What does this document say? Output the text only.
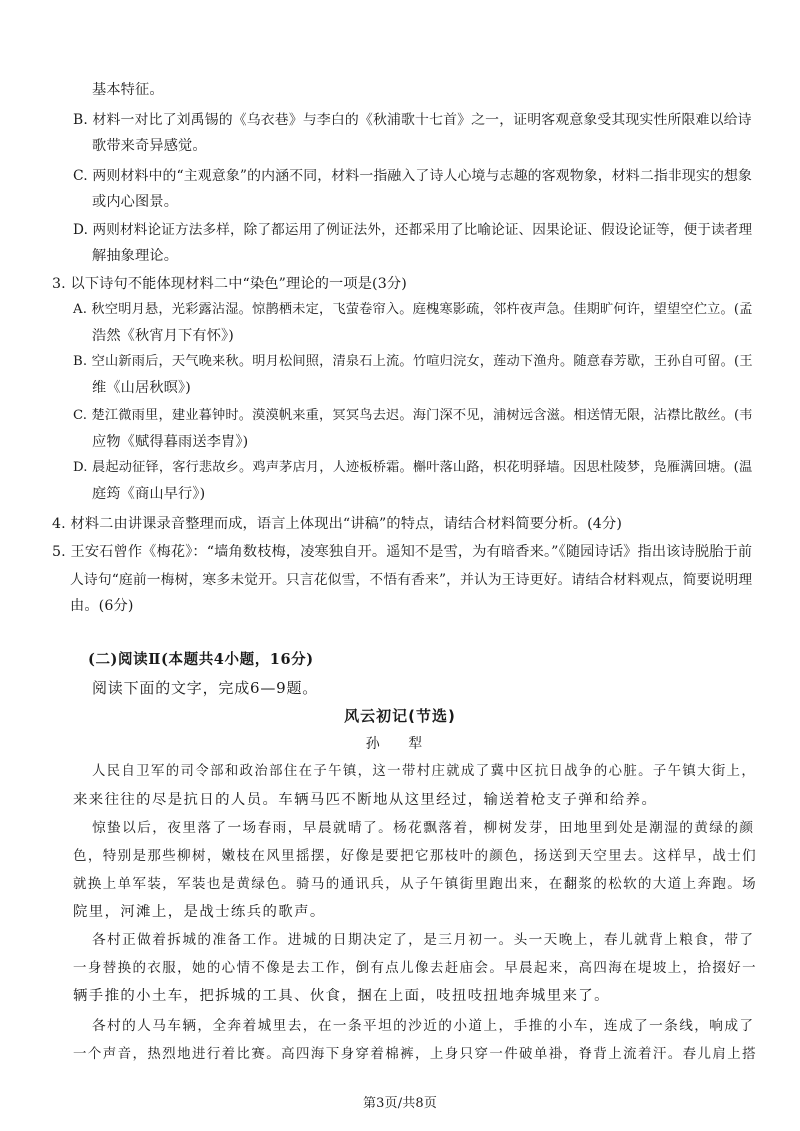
基本特征。
B. 材料一对比了刘禹锡的《乌衣巷》与李白的《秋浦歌十七首》之一，证明客观意象受其现实性所限难以给诗
歌带来奇异感觉。
C. 两则材料中的“主观意象”的内涵不同，材料一指融入了诗人心境与志趣的客观物象，材料二指非现实的想象
或内心图景。
D. 两则材料论证方法多样，除了都运用了例证法外，还都采用了比喻论证、因果论证、假设论证等，便于读者理
解抽象理论。
3. 以下诗句不能体现材料二中“染色”理论的一项是(3分)
A. 秋空明月悬，光彩露沾湿。惊鹊栖未定，飞萤卷帘入。庭槐寒影疏，邻杵夜声急。佳期旷何许，望望空伫立。(孟
浩然《秋宵月下有怀》)
B. 空山新雨后，天气晚来秋。明月松间照，清泉石上流。竹喧归浣女，莲动下渔舟。随意春芳歇，王孙自可留。(王
维《山居秋暝》)
C. 楚江微雨里，建业暮钟时。漠漠帆来重，冥冥鸟去迟。海门深不见，浦树远含滋。相送情无限，沾襟比散丝。(韦
应物《赋得暮雨送李胄》)
D. 晨起动征铎，客行悲故乡。鸡声茅店月，人迹板桥霜。槲叶落山路，枳花明驿墙。因思杜陵梦，凫雁满回塘。(温
庭筠《商山早行》)
4. 材料二由讲课录音整理而成，语言上体现出“讲稿”的特点，请结合材料简要分析。(4分)
5. 王安石曾作《梅花》：“墙角数枝梅，凌寒独自开。遥知不是雪，为有暗香来。”《随园诗话》指出该诗脱胎于前
人诗句“庭前一梅树，寒多未觉开。只言花似雪，不悟有香来”，并认为王诗更好。请结合材料观点，简要说明理
由。(6分)
(二)阅读Ⅱ(本题共4小题，16分)
阅读下面的文字，完成6—9题。
风云初记(节选)
孙 犁
人民自卫军的司令部和政治部住在子午镇，这一带村庄就成了冀中区抗日战争的心脏。子午镇大街上，
来来往往的尽是抗日的人员。车辆马匹不断地从这里经过，输送着枪支子弹和给养。
惊蛰以后，夜里落了一场春雨，早晨就晴了。杨花飘落着，柳树发芽，田地里到处是潮湿的黄绿的颜
色，特别是那些柳树，嫩枝在风里摇摆，好像是要把它那枝叶的颜色，扬送到天空里去。这样早，战士们
就换上单军装，军装也是黄绿色。骑马的通讯兵，从子午镇街里跑出来，在翻浆的松软的大道上奔跑。场
院里，河滩上，是战士练兵的歌声。
各村正做着拆城的准备工作。进城的日期决定了，是三月初一。头一天晚上，春儿就背上粮食，带了
一身替换的衣服，她的心情不像是去工作，倒有点儿像去赶庙会。早晨起来，高四海在堤坡上，拾掇好一
辆手推的小土车，把拆城的工具、伙食，捆在上面，吱扭吱扭地奔城里来了。
各村的人马车辆，全奔着城里去，在一条平坦的沙近的小道上，手推的小车，连成了一条线，响成了
一个声音，热烈地进行着比赛。高四海下身穿着棉裤，上身只穿一件破单褂，脊背上流着汗。春儿肩上搭
第3页/共8页
